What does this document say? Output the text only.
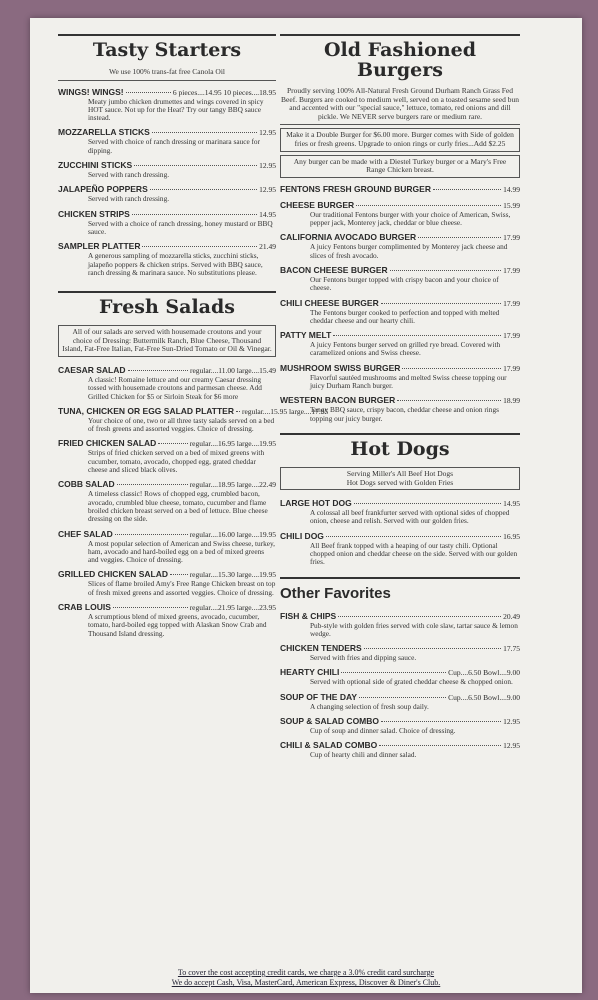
Tasty Starters
We use 100% trans-fat free Canola Oil
WINGS! WINGS!	6 pieces....14.95 10 pieces....18.95
Meaty jumbo chicken drumettes and wings covered in spicy HOT sauce. Not up for the Heat? Try our tangy BBQ sauce instead.
MOZZARELLA STICKS	12.95
Served with choice of ranch dressing or marinara sauce for dipping.
ZUCCHINI STICKS	12.95
Served with ranch dressing.
JALAPEÑO POPPERS	12.95
Served with ranch dressing.
CHICKEN STRIPS	14.95
Served with a choice of ranch dressing, honey mustard or BBQ sauce.
SAMPLER PLATTER	21.49
A generous sampling of mozzarella sticks, zucchini sticks, jalapeño poppers & chicken strips. Served with BBQ sauce, ranch dressing & marinara sauce. No substitutions please.
Fresh Salads
All of our salads are served with housemade croutons and your choice of Dressing: Buttermilk Ranch, Blue Cheese, Thousand Island, Fat-Free Italian, Fat-Free Sun-Dried Tomato or Oil & Vinegar.
CAESAR SALAD	regular....11.00 large....15.49
A classic! Romaine lettuce and our creamy Caesar dressing tossed with housemade croutons and parmesan cheese. Add Grilled Chicken for $5 or Sirloin Steak for $6 more
TUNA, CHICKEN OR EGG SALAD PLATTER regular....15.95 large....17.95
Your choice of one, two or all three tasty salads served on a bed of fresh greens and assorted veggies. Choice of dressing.
FRIED CHICKEN SALAD	regular....16.95 large....19.95
Strips of fried chicken served on a bed of mixed greens with cucumber, tomato, avocado, chopped egg, grated cheddar cheese and sliced black olives.
COBB SALAD	regular....18.95 large....22.49
A timeless classic! Rows of chopped egg, crumbled bacon, avocado, crumbled blue cheese, tomato, cucumber and flame broiled chicken breast served on a bed of lettuce. Blue cheese dressing on the side.
CHEF SALAD	regular....16.00 large....19.95
A most popular selection of American and Swiss cheese, turkey, ham, avocado and hard-boiled egg on a bed of mixed greens and veggies. Choice of dressing.
GRILLED CHICKEN SALAD	regular....15.30 large....19.95
Slices of flame broiled Amy's Free Range Chicken breast on top of fresh mixed greens and assorted veggies. Choice of dressing.
CRAB LOUIS	regular....21.95 large....23.95
A scrumptious blend of mixed greens, avocado, cucumber, tomato, hard-boiled egg topped with Alaskan Snow Crab and Thousand Island dressing.
Old Fashioned Burgers
Proudly serving 100% All-Natural Fresh Ground Durham Ranch Grass Fed Beef. Burgers are cooked to medium well, served on a toasted sesame seed bun and accented with our "special sauce," lettuce, tomato, red onions and dill pickle. We NEVER serve burgers rare or medium rare.
Make it a Double Burger for $6.00 more. Burger comes with Side of golden fries or fresh greens. Upgrade to onion rings or curly fries...Add $2.25
Any burger can be made with a Diestel Turkey burger or a Mary's Free Range Chicken breast.
FENTONS FRESH GROUND BURGER	14.99
CHEESE BURGER	15.99
Our traditional Fentons burger with your choice of American, Swiss, pepper jack, Monterey jack, cheddar or blue cheese.
CALIFORNIA AVOCADO BURGER	17.99
A juicy Fentons burger complimented by Monterey jack cheese and slices of fresh avocado.
BACON CHEESE BURGER	17.99
Our Fentons burger topped with crispy bacon and your choice of cheese.
CHILI CHEESE BURGER	17.99
The Fentons burger cooked to perfection and topped with melted cheddar cheese and our hearty chili.
PATTY MELT	17.99
A juicy Fentons burger served on grilled rye bread. Covered with caramelized onions and Swiss cheese.
MUSHROOM SWISS BURGER	17.99
Flavorful sautéed mushrooms and melted Swiss cheese topping our juicy Durham Ranch burger.
WESTERN BACON BURGER	18.99
Tangy BBQ sauce, crispy bacon, cheddar cheese and onion rings topping our juicy burger.
Hot Dogs
Serving Miller's All Beef Hot Dogs
Hot Dogs served with Golden Fries
LARGE HOT DOG	14.95
A colossal all beef frankfurter served with optional sides of chopped onion, cheese and relish. Served with our golden fries.
CHILI DOG	16.95
All Beef frank topped with a heaping of our tasty chili. Optional chopped onion and cheddar cheese on the side. Served with our golden fries.
Other Favorites
FISH & CHIPS	20.49
Pub-style with golden fries served with cole slaw, tartar sauce & lemon wedge.
CHICKEN TENDERS	17.75
Served with fries and dipping sauce.
HEARTY CHILI	Cup....6.50 Bowl....9.00
Served with optional side of grated cheddar cheese & chopped onion.
SOUP OF THE DAY	Cup....6.50 Bowl....9.00
A changing selection of fresh soup daily.
SOUP & SALAD COMBO	12.95
Cup of soup and dinner salad. Choice of dressing.
CHILI & SALAD COMBO	12.95
Cup of hearty chili and dinner salad.
To cover the cost accepting credit cards, we charge a 3.0% credit card surcharge
We do accept Cash, Visa, MasterCard, American Express, Discover & Diner's Club.
